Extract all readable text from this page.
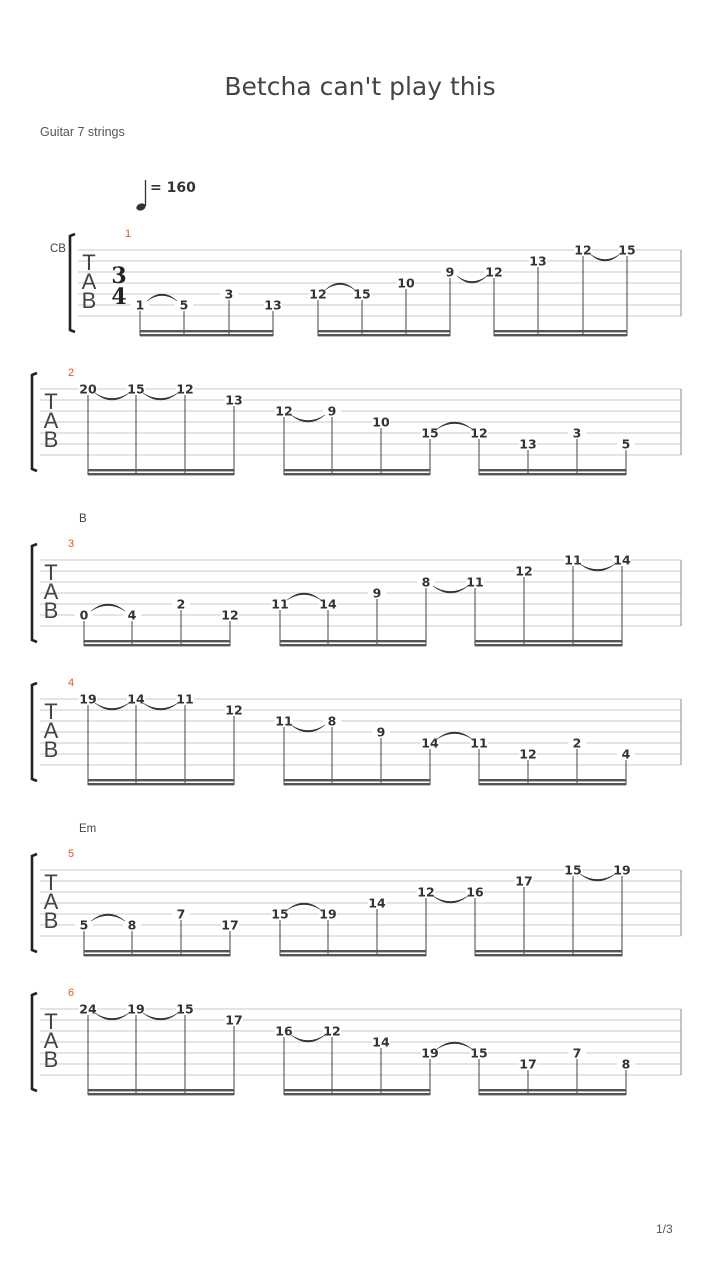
Betcha can't play this
Guitar 7 strings
= 160
T
A
B
3
4
1
CB
1	5
3
13
12 15
10
9 12
13
12 15
T
A
B
2
20 15	12
13
12	9
10
15	12
13
3
5
T
A
B
3
B
0	4
2
12
11 14
9
8	11
12
11	14
T
A
B
4
19 14	11
12
11	8
9
14	11
12
2
4
T
A
B
5
Em
5	8
7
17
15 19
14
12	16
17
15	19
T
A
B
6
24 19	15
17
16 12
14
19	15
17
7
8
1/3
